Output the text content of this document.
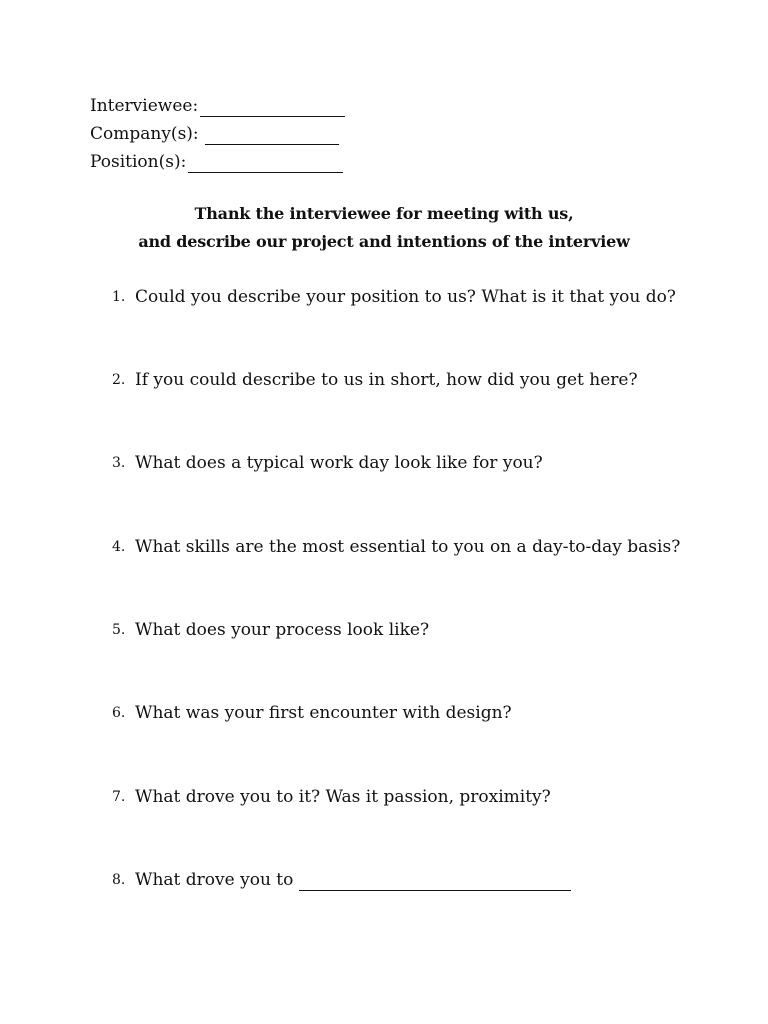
Interviewee:
Company(s):
Position(s):
Thank the interviewee for meeting with us,
and describe our project and intentions of the interview
1. Could you describe your position to us? What is it that you do?
2. If you could describe to us in short, how did you get here?
3. What does a typical work day look like for you?
4. What skills are the most essential to you on a day-to-day basis?
5. What does your process look like?
6. What was your first encounter with design?
7. What drove you to it? Was it passion, proximity?
8. What drove you to
